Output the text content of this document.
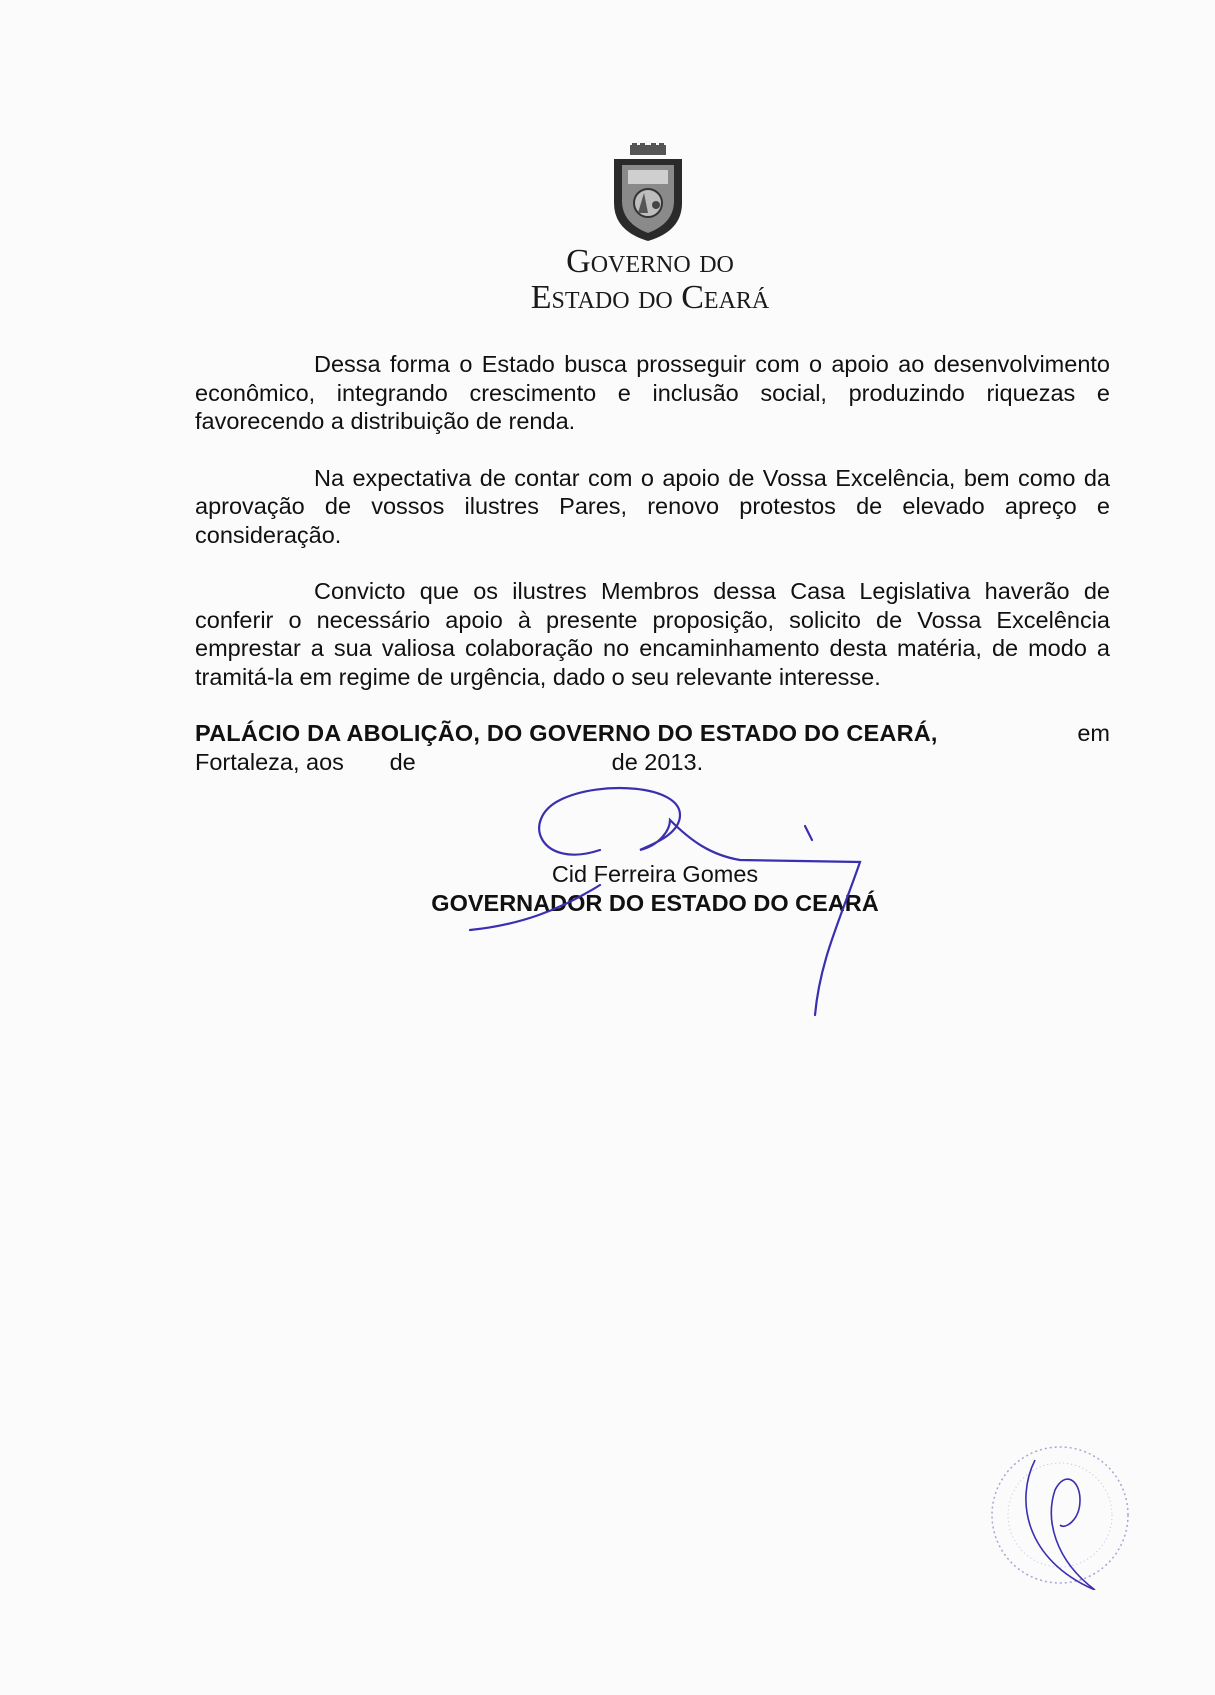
Governo do
Estado do Ceará

Dessa forma o Estado busca prosseguir com o apoio ao desenvolvimento econômico, integrando crescimento e inclusão social, produzindo riquezas e favorecendo a distribuição de renda.

Na expectativa de contar com o apoio de Vossa Excelência, bem como da aprovação de vossos ilustres Pares, renovo protestos de elevado apreço e consideração.

Convicto que os ilustres Membros dessa Casa Legislativa haverão de conferir o necessário apoio à presente proposição, solicito de Vossa Excelência emprestar a sua valiosa colaboração no encaminhamento desta matéria, de modo a tramitá-la em regime de urgência, dado o seu relevante interesse.

PALÁCIO DA ABOLIÇÃO, DO GOVERNO DO ESTADO DO CEARÁ,	em
Fortaleza, aos       de                              de 2013.
Cid Ferreira Gomes
GOVERNADOR DO ESTADO DO CEARÁ
